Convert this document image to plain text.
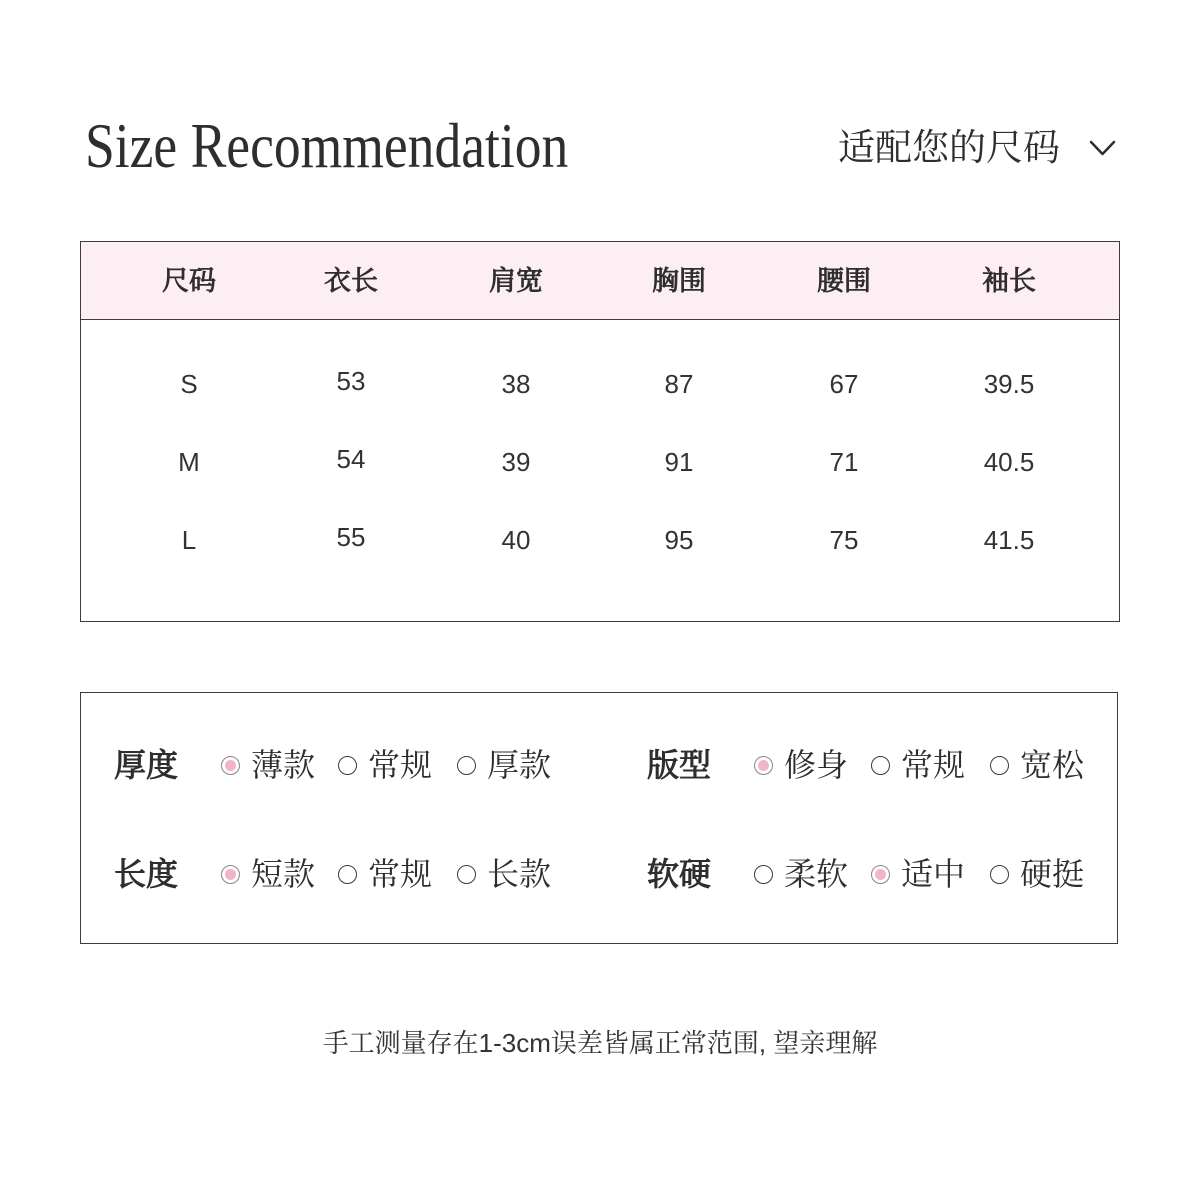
Size Recommendation	适配您的尺码
尺码	衣长	肩宽	胸围	腰围	袖长
S	53	38	87	67	39.5
M	54	39	91	71	40.5
L	55	40	95	75	41.5
厚度 薄款 常规 厚款	版型 修身 常规 宽松
长度 短款 常规 长款	软硬 柔软 适中 硬挺
手工测量存在1-3cm误差皆属正常范围, 望亲理解
